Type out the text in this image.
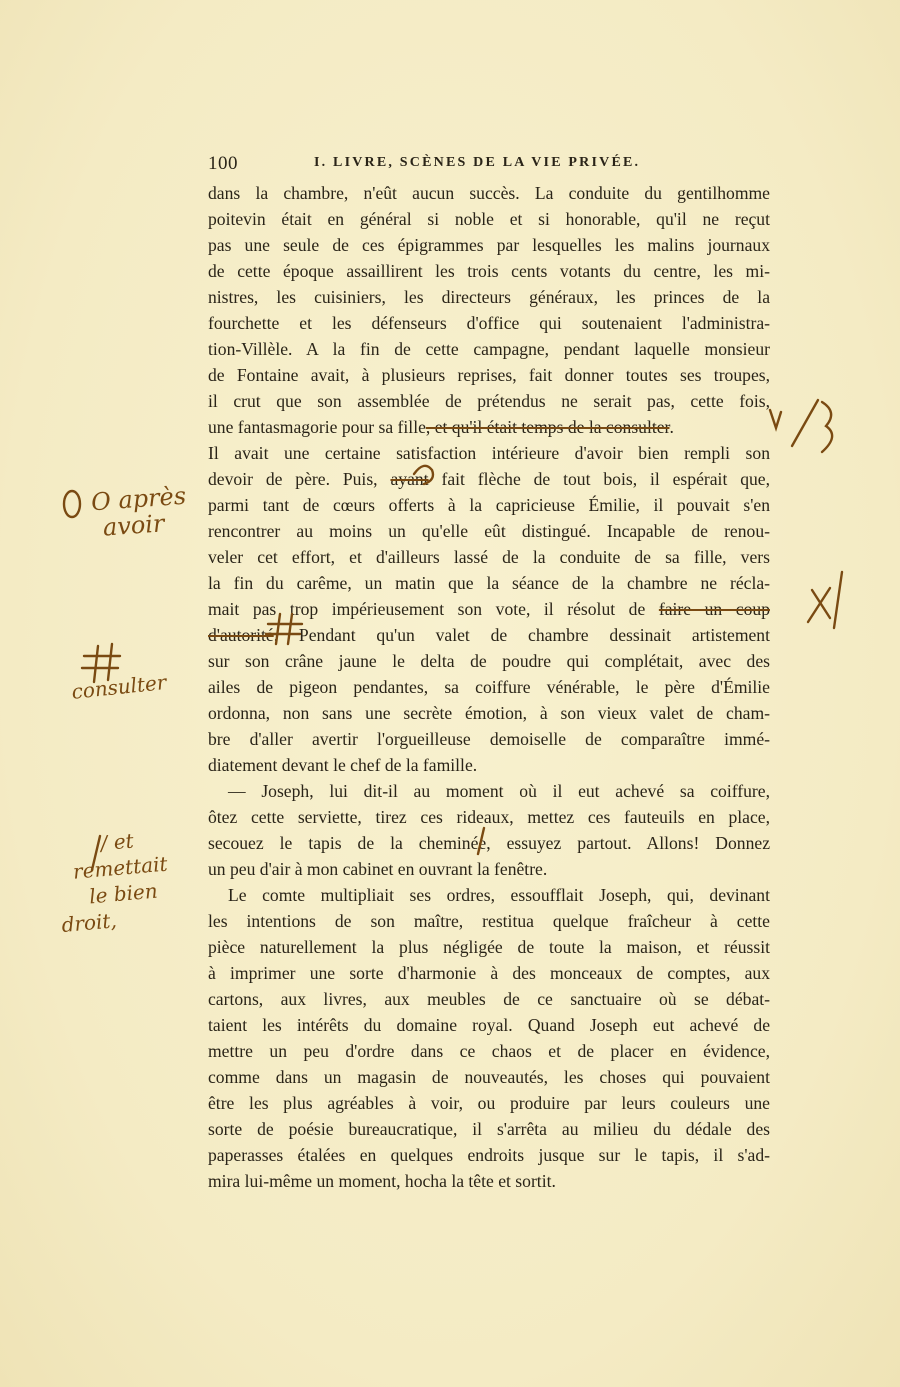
100	I. LIVRE, SCÈNES DE LA VIE PRIVÉE.
dans la chambre, n'eût aucun succès. La conduite du gentilhomme
poitevin était en général si noble et si honorable, qu'il ne reçut
pas une seule de ces épigrammes par lesquelles les malins journaux
de cette époque assaillirent les trois cents votants du centre, les mi-
nistres, les cuisiniers, les directeurs généraux, les princes de la
fourchette et les défenseurs d'office qui soutenaient l'administra-
tion-Villèle. A la fin de cette campagne, pendant laquelle monsieur
de Fontaine avait, à plusieurs reprises, fait donner toutes ses troupes,
il crut que son assemblée de prétendus ne serait pas, cette fois,
une fantasmagorie pour sa fille, et qu'il était temps de la consulter.
Il avait une certaine satisfaction intérieure d'avoir bien rempli son
devoir de père. Puis, ayant fait flèche de tout bois, il espérait que,
parmi tant de cœurs offerts à la capricieuse Émilie, il pouvait s'en
rencontrer au moins un qu'elle eût distingué. Incapable de renou-
veler cet effort, et d'ailleurs lassé de la conduite de sa fille, vers
la fin du carême, un matin que la séance de la chambre ne récla-
mait pas trop impérieusement son vote, il résolut de faire un coup
d'autorité. Pendant qu'un valet de chambre dessinait artistement
sur son crâne jaune le delta de poudre qui complétait, avec des
ailes de pigeon pendantes, sa coiffure vénérable, le père d'Émilie
ordonna, non sans une secrète émotion, à son vieux valet de cham-
bre d'aller avertir l'orgueilleuse demoiselle de comparaître immé-
diatement devant le chef de la famille.
— Joseph, lui dit-il au moment où il eut achevé sa coiffure,
ôtez cette serviette, tirez ces rideaux, mettez ces fauteuils en place,
secouez le tapis de la cheminée, essuyez partout. Allons! Donnez
un peu d'air à mon cabinet en ouvrant la fenêtre.
Le comte multipliait ses ordres, essoufflait Joseph, qui, devinant
les intentions de son maître, restitua quelque fraîcheur à cette
pièce naturellement la plus négligée de toute la maison, et réussit
à imprimer une sorte d'harmonie à des monceaux de comptes, aux
cartons, aux livres, aux meubles de ce sanctuaire où se débat-
taient les intérêts du domaine royal. Quand Joseph eut achevé de
mettre un peu d'ordre dans ce chaos et de placer en évidence,
comme dans un magasin de nouveautés, les choses qui pouvaient
être les plus agréables à voir, ou produire par leurs couleurs une
sorte de poésie bureaucratique, il s'arrêta au milieu du dédale des
paperasses étalées en quelques endroits jusque sur le tapis, il s'ad-
mira lui-même un moment, hocha la tête et sortit.
O après
avoir
consulter
/ et
remettait
le bien
droit,
